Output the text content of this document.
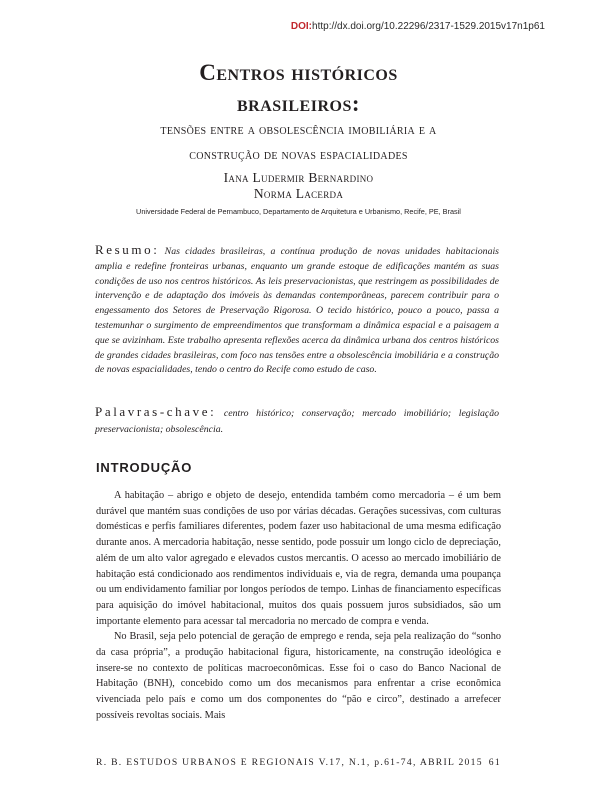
DOI:http://dx.doi.org/10.22296/2317-1529.2015v17n1p61
Centros históricos
brasileiros:
tensões entre a obsolescência imobiliária e a
construção de novas espacialidades
Iana Ludermir Bernardino
Norma Lacerda
Universidade Federal de Pernambuco, Departamento de Arquitetura e Urbanismo, Recife, PE, Brasil
Resumo: Nas cidades brasileiras, a contínua produção de novas unidades habitacionais amplia e redefine fronteiras urbanas, enquanto um grande estoque de edificações mantém as suas condições de uso nos centros históricos. As leis preservacionistas, que restringem as possibilidades de intervenção e de adaptação dos imóveis às demandas contemporâneas, parecem contribuir para o engessamento dos Setores de Preservação Rigorosa. O tecido histórico, pouco a pouco, passa a testemunhar o surgimento de empreendimentos que transformam a dinâmica espacial e a paisagem a que se avizinham. Este trabalho apresenta reflexões acerca da dinâmica urbana dos centros históricos de grandes cidades brasileiras, com foco nas tensões entre a obsolescência imobiliária e a construção de novas espacialidades, tendo o centro do Recife como estudo de caso.
Palavras-chave: centro histórico; conservação; mercado imobiliário; legislação preservacionista; obsolescência.
INTRODUÇÃO

A habitação – abrigo e objeto de desejo, entendida também como mercadoria – é um bem durável que mantém suas condições de uso por várias décadas. Gerações sucessivas, com culturas domésticas e perfis familiares diferentes, podem fazer uso habitacional de uma mesma edificação durante anos. A mercadoria habitação, nesse sentido, pode possuir um longo ciclo de depreciação, além de um alto valor agregado e elevados custos mercantis. O acesso ao mercado imobiliário de habitação está condicionado aos rendimentos individuais e, via de regra, demanda uma poupança ou um endividamento familiar por longos períodos de tempo. Linhas de financiamento específicas para aquisição do imóvel habitacional, muitos dos quais possuem juros subsidiados, são um importante elemento para acessar tal mercadoria no mercado de compra e venda.

No Brasil, seja pelo potencial de geração de emprego e renda, seja pela realização do “sonho da casa própria”, a produção habitacional figura, historicamente, na construção ideológica e insere-se no contexto de políticas macroeconômicas. Esse foi o caso do Banco Nacional de Habitação (BNH), concebido como um dos mecanismos para enfrentar a crise econômica vivenciada pelo país e como um dos componentes do “pão e circo”, destinado a arrefecer possíveis revoltas sociais. Mais

R. B. ESTUDOS URBANOS E REGIONAIS V.17, N.1, p.61-74, ABRIL 2015 61
